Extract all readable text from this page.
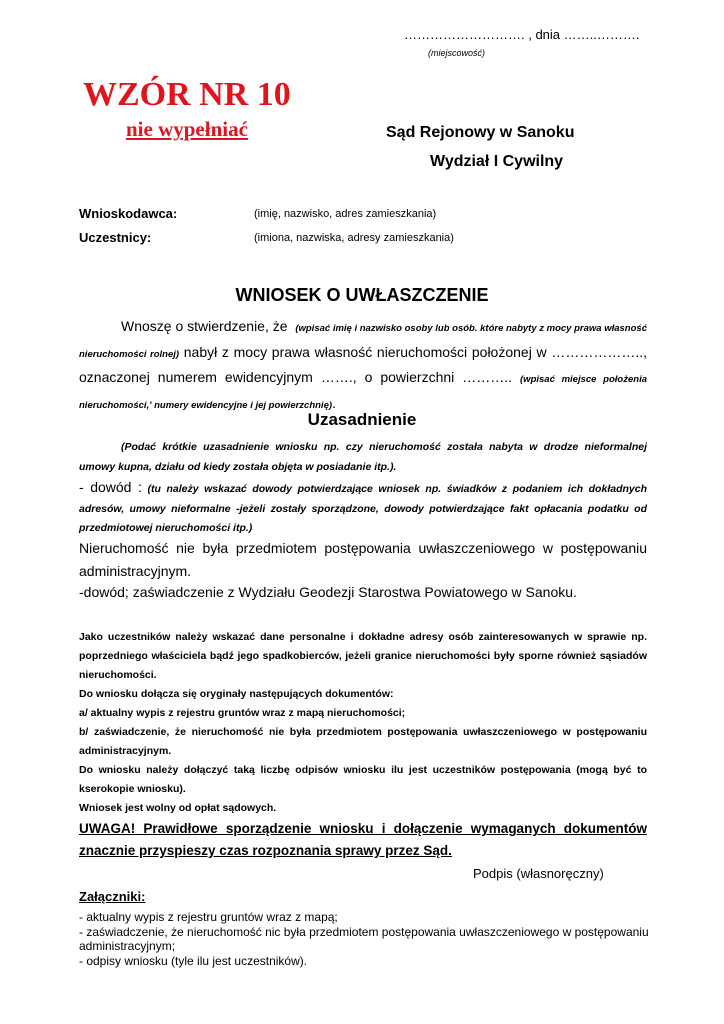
………………………. , dnia ……..……….
(miejscowość)
WZÓR NR 10
nie wypełniać	Sąd Rejonowy w Sanoku
Wydział I Cywilny
Wnioskodawca:	(imię, nazwisko, adres zamieszkania)
Uczestnicy:	(imiona, nazwiska, adresy zamieszkania)
WNIOSEK O UWŁASZCZENIE
Wnoszę o stwierdzenie, że (wpisać imię i nazwisko osoby lub osób. które nabyty z mocy prawa własność nieruchomości rolnej) nabył z mocy prawa własność nieruchomości położonej w ……………….., oznaczonej numerem ewidencyjnym ……., o powierzchni ……….. (wpisać miejsce położenia nieruchomości,' numery ewidencyjne i jej powierzchnię).
Uzasadnienie
(Podać krótkie uzasadnienie wniosku np. czy nieruchomość została nabyta w drodze nieformalnej umowy kupna, działu od kiedy została objęta w posiadanie itp.).
- dowód : (tu należy wskazać dowody potwierdzające wniosek np. świadków z podaniem ich dokładnych adresów, umowy nieformalne -jeżeli zostały sporządzone, dowody potwierdzające fakt opłacania podatku od przedmiotowej nieruchomości itp.)
Nieruchomość nie była przedmiotem postępowania uwłaszczeniowego w postępowaniu administracyjnym.
-dowód; zaświadczenie z Wydziału Geodezji Starostwa Powiatowego w Sanoku.
Jako uczestników należy wskazać dane personalne i dokładne adresy osób zainteresowanych w sprawie np. poprzedniego właściciela bądź jego spadkobierców, jeżeli granice nieruchomości były sporne również sąsiadów nieruchomości.
Do wniosku dołącza się oryginały następujących dokumentów:
a/ aktualny wypis z rejestru gruntów wraz z mapą nieruchomości;
b/ zaświadczenie, że nieruchomość nie była przedmiotem postępowania uwłaszczeniowego w postępowaniu administracyjnym.
Do wniosku należy dołączyć taką liczbę odpisów wniosku ilu jest uczestników postępowania (mogą być to kserokopie wniosku).
Wniosek jest wolny od opłat sądowych.
UWAGA! Prawidłowe sporządzenie wniosku i dołączenie wymaganych dokumentów znacznie przyspieszy czas rozpoznania sprawy przez Sąd.
Podpis (własnoręczny)
Załączniki:
- aktualny wypis z rejestru gruntów wraz z mapą;
- zaświadczenie, że nieruchomość nic była przedmiotem postępowania uwłaszczeniowego w postępowaniu administracyjnym;
- odpisy wniosku (tyle ilu jest uczestników).
